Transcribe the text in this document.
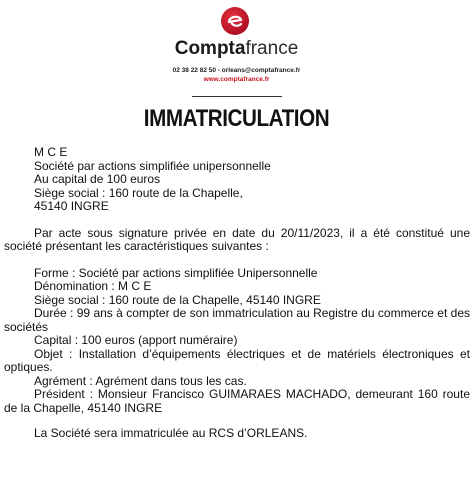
Comptafrance
02 38 22 82 50 - orleans@comptafrance.fr
www.comptafrance.fr
IMMATRICULATION

M C E

Société par actions simplifiée unipersonnelle

Au capital de 100 euros

Siège social : 160 route de la Chapelle,

45140 INGRE

Par acte sous signature privée en date du 20/11/2023, il a été constitué une société présentant les caractéristiques suivantes :

Forme : Société par actions simplifiée Unipersonnelle

Dénomination : M C E

Siège social : 160 route de la Chapelle, 45140 INGRE

Durée : 99 ans à compter de son immatriculation au Registre du commerce et des sociétés

Capital : 100 euros (apport numéraire)

Objet : Installation d’équipements électriques et de matériels électroniques et optiques.

Agrément : Agrément dans tous les cas.

Président : Monsieur Francisco GUIMARAES MACHADO, demeurant 160 route de la Chapelle, 45140 INGRE

La Société sera immatriculée au RCS d’ORLEANS.
